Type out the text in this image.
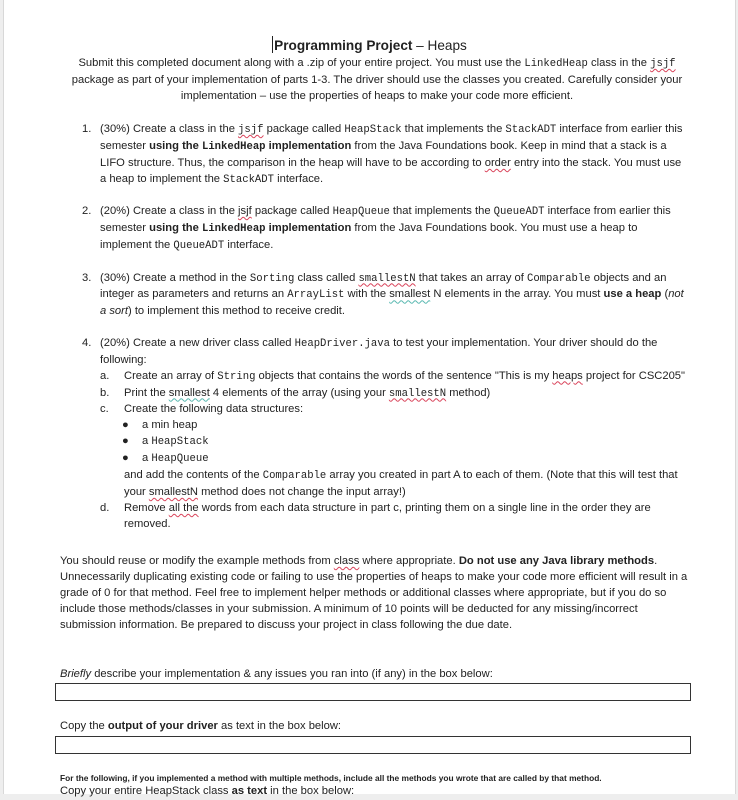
Programming Project – Heaps
Submit this completed document along with a .zip of your entire project. You must use the LinkedHeap class in the jsjf package as part of your implementation of parts 1-3. The driver should use the classes you created. Carefully consider your implementation – use the properties of heaps to make your code more efficient.
1. (30%) Create a class in the jsjf package called HeapStack that implements the StackADT interface from earlier this semester using the LinkedHeap implementation from the Java Foundations book. Keep in mind that a stack is a LIFO structure. Thus, the comparison in the heap will have to be according to order entry into the stack. You must use a heap to implement the StackADT interface.
2. (20%) Create a class in the jsjf package called HeapQueue that implements the QueueADT interface from earlier this semester using the LinkedHeap implementation from the Java Foundations book. You must use a heap to implement the QueueADT interface.
3. (30%) Create a method in the Sorting class called smallestN that takes an array of Comparable objects and an integer as parameters and returns an ArrayList with the smallest N elements in the array. You must use a heap (not a sort) to implement this method to receive credit.
4. (20%) Create a new driver class called HeapDriver.java to test your implementation. Your driver should do the following:
a. Create an array of String objects that contains the words of the sentence "This is my heaps project for CSC205"
b. Print the smallest 4 elements of the array (using your smallestN method)
c. Create the following data structures:
● a min heap
● a HeapStack
● a HeapQueue
and add the contents of the Comparable array you created in part A to each of them. (Note that this will test that your smallestN method does not change the input array!)
d. Remove all the words from each data structure in part c, printing them on a single line in the order they are removed.
You should reuse or modify the example methods from class where appropriate. Do not use any Java library methods. Unnecessarily duplicating existing code or failing to use the properties of heaps to make your code more efficient will result in a grade of 0 for that method. Feel free to implement helper methods or additional classes where appropriate, but if you do so include those methods/classes in your submission. A minimum of 10 points will be deducted for any missing/incorrect submission information. Be prepared to discuss your project in class following the due date.
Briefly describe your implementation & any issues you ran into (if any) in the box below:
Copy the output of your driver as text in the box below:
For the following, if you implemented a method with multiple methods, include all the methods you wrote that are called by that method.
Copy your entire HeapStack class as text in the box below:
